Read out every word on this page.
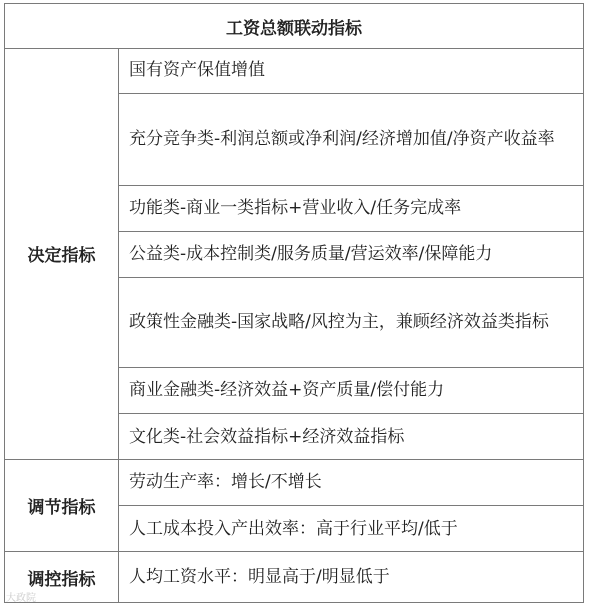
工资总额联动指标
决定指标
国有资产保值增值
充分竞争类-利润总额或净利润/经济增加值/净资产收益率
功能类-商业一类指标+营业收入/任务完成率
公益类-成本控制类/服务质量/营运效率/保障能力
政策性金融类-国家战略/风控为主，兼顾经济效益类指标
商业金融类-经济效益+资产质量/偿付能力
文化类-社会效益指标+经济效益指标
调节指标
劳动生产率：增长/不增长
人工成本投入产出效率：高于行业平均/低于
调控指标	人均工资水平：明显高于/明显低于
大政院
